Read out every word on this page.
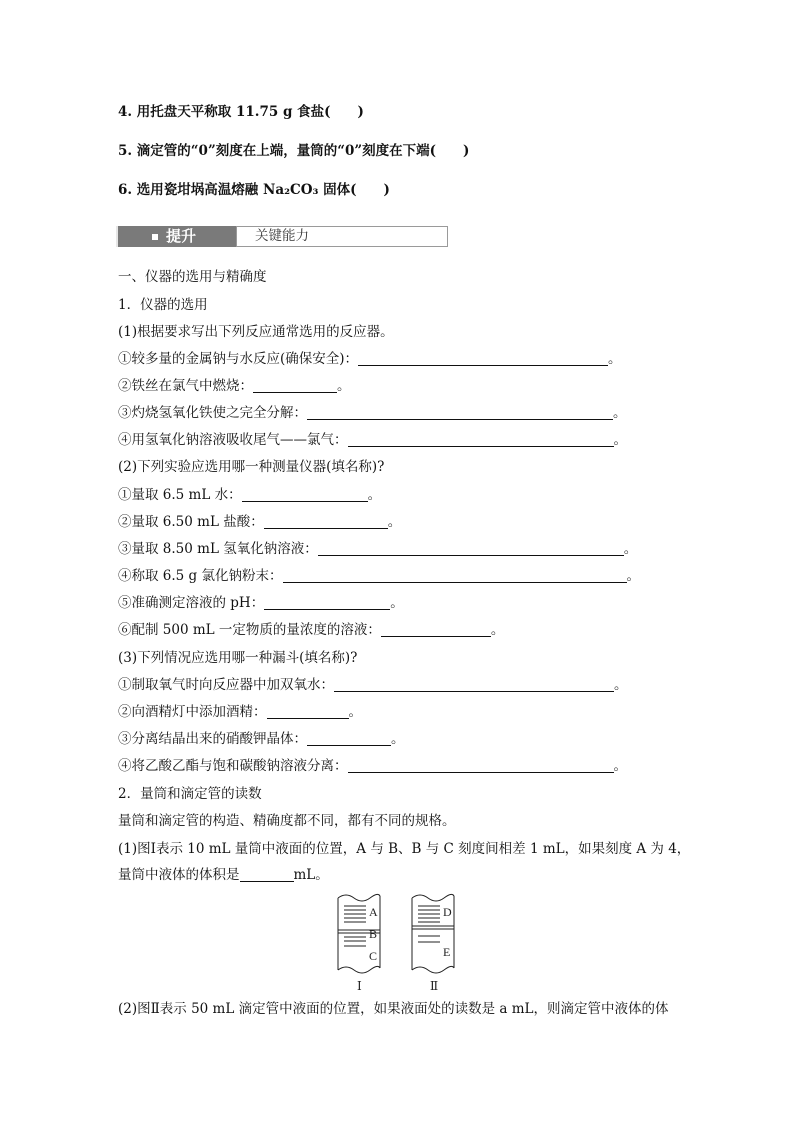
4. 用托盘天平称取 11.75 g 食盐(　　)
5. 滴定管的“0”刻度在上端，量筒的“0”刻度在下端(　　)
6. 选用瓷坩埚高温熔融 Na₂CO₃ 固体(　　)
提升	关键能力
一、仪器的选用与精确度
1．仪器的选用
(1)根据要求写出下列反应通常选用的反应器。
①较多量的金属钠与水反应(确保安全)：	。
②铁丝在氯气中燃烧：	。
③灼烧氢氧化铁使之完全分解：	。
④用氢氧化钠溶液吸收尾气——氯气：	。
(2)下列实验应选用哪一种测量仪器(填名称)?
①量取 6.5 mL 水：	。
②量取 6.50 mL 盐酸：	。
③量取 8.50 mL 氢氧化钠溶液：	。
④称取 6.5 g 氯化钠粉末：	。
⑤准确测定溶液的 pH：	。
⑥配制 500 mL 一定物质的量浓度的溶液：	。
(3)下列情况应选用哪一种漏斗(填名称)?
①制取氧气时向反应器中加双氧水：	。
②向酒精灯中添加酒精：	。
③分离结晶出来的硝酸钾晶体：	。
④将乙酸乙酯与饱和碳酸钠溶液分离：	。
2．量筒和滴定管的读数
量筒和滴定管的构造、精确度都不同，都有不同的规格。
(1)图Ⅰ表示 10 mL 量筒中液面的位置，A 与 B、B 与 C 刻度间相差 1 mL，如果刻度 A 为 4，
量筒中液体的体积是	mL。
A
B
C
D
E
Ⅰ	Ⅱ
(2)图Ⅱ表示 50 mL 滴定管中液面的位置，如果液面处的读数是 a mL，则滴定管中液体的体
